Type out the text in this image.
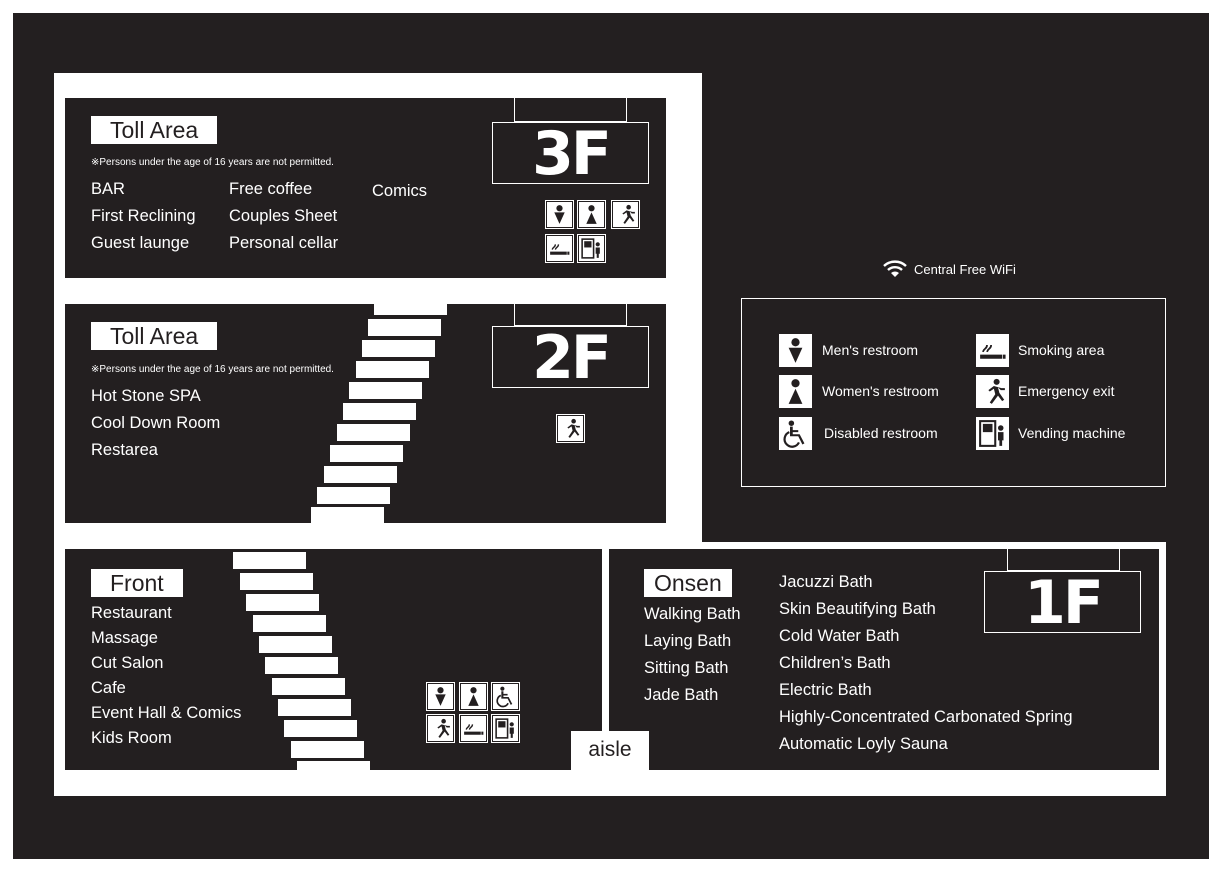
Toll Area
※Persons under the age of 16 years are not permitted.
BAR
First Reclining
Guest launge
Free coffee
Couples Sheet
Personal cellar
Comics
3F
Toll Area
※Persons under the age of 16 years are not permitted.
Hot Stone SPA
Cool Down Room
Restarea
2F
Front
Restaurant
Massage
Cut Salon
Cafe
Event Hall & Comics
Kids Room
Onsen
Walking Bath
Laying Bath
Sitting Bath
Jade Bath
Jacuzzi Bath
Skin Beautifying Bath
Cold Water Bath
Children’s Bath
Electric Bath
Highly-Concentrated Carbonated Spring
Automatic Loyly Sauna
1F
aisle
Central Free WiFi
Men's restroom
Women's restroom
Disabled restroom
Smoking area
Emergency exit
Vending machine
